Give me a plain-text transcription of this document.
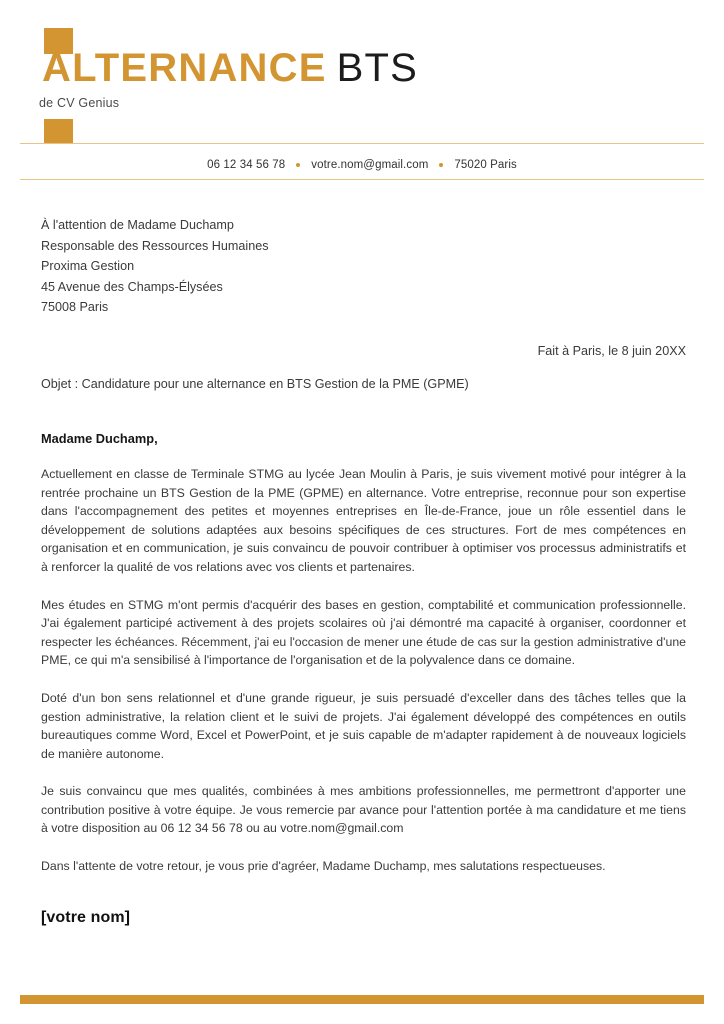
ALTERNANCE BTS
de CV Genius
06 12 34 56 78 votre.nom@gmail.com 75020 Paris
À l'attention de Madame Duchamp
Responsable des Ressources Humaines
Proxima Gestion
45 Avenue des Champs-Élysées
75008 Paris
Fait à Paris, le 8 juin 20XX
Objet : Candidature pour une alternance en BTS Gestion de la PME (GPME)
Madame Duchamp,
Actuellement en classe de Terminale STMG au lycée Jean Moulin à Paris, je suis vivement motivé pour intégrer à la rentrée prochaine un BTS Gestion de la PME (GPME) en alternance. Votre entreprise, reconnue pour son expertise dans l'accompagnement des petites et moyennes entreprises en Île-de-France, joue un rôle essentiel dans le développement de solutions adaptées aux besoins spécifiques de ces structures. Fort de mes compétences en organisation et en communication, je suis convaincu de pouvoir contribuer à optimiser vos processus administratifs et à renforcer la qualité de vos relations avec vos clients et partenaires.
Mes études en STMG m'ont permis d'acquérir des bases en gestion, comptabilité et communication professionnelle. J'ai également participé activement à des projets scolaires où j'ai démontré ma capacité à organiser, coordonner et respecter les échéances. Récemment, j'ai eu l'occasion de mener une étude de cas sur la gestion administrative d'une PME, ce qui m'a sensibilisé à l'importance de l'organisation et de la polyvalence dans ce domaine.
Doté d'un bon sens relationnel et d'une grande rigueur, je suis persuadé d'exceller dans des tâches telles que la gestion administrative, la relation client et le suivi de projets. J'ai également développé des compétences en outils bureautiques comme Word, Excel et PowerPoint, et je suis capable de m'adapter rapidement à de nouveaux logiciels de manière autonome.
Je suis convaincu que mes qualités, combinées à mes ambitions professionnelles, me permettront d'apporter une contribution positive à votre équipe. Je vous remercie par avance pour l'attention portée à ma candidature et me tiens à votre disposition au 06 12 34 56 78 ou au votre.nom@gmail.com
Dans l'attente de votre retour, je vous prie d'agréer, Madame Duchamp, mes salutations respectueuses.
[votre nom]
